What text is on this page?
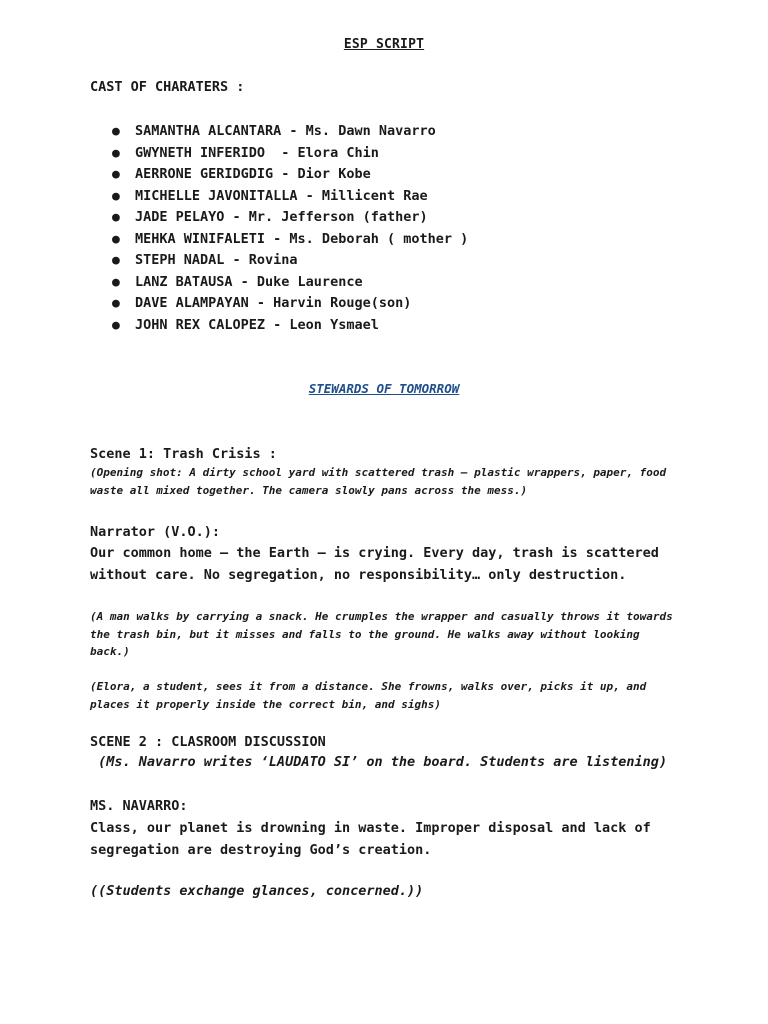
ESP SCRIPT
CAST OF CHARATERS :
● SAMANTHA ALCANTARA - Ms. Dawn Navarro
● GWYNETH INFERIDO  - Elora Chin
● AERRONE GERIDGDIG - Dior Kobe
● MICHELLE JAVONITALLA - Millicent Rae
● JADE PELAYO - Mr. Jefferson (father)
● MEHKA WINIFALETI - Ms. Deborah ( mother )
● STEPH NADAL - Rovina
● LANZ BATAUSA - Duke Laurence
● DAVE ALAMPAYAN - Harvin Rouge(son)
● JOHN REX CALOPEZ - Leon Ysmael
STEWARDS OF TOMORROW
Scene 1: Trash Crisis :
(Opening shot: A dirty school yard with scattered trash — plastic wrappers, paper, food waste all mixed together. The camera slowly pans across the mess.)
Narrator (V.O.):
Our common home — the Earth — is crying. Every day, trash is scattered without care. No segregation, no responsibility… only destruction.
(A man walks by carrying a snack. He crumples the wrapper and casually throws it towards the trash bin, but it misses and falls to the ground. He walks away without looking back.)
(Elora, a student, sees it from a distance. She frowns, walks over, picks it up, and places it properly inside the correct bin, and sighs)
SCENE 2 : CLASROOM DISCUSSION
(Ms. Navarro writes ‘LAUDATO SI’ on the board. Students are listening)
MS. NAVARRO:
Class, our planet is drowning in waste. Improper disposal and lack of segregation are destroying God’s creation.
((Students exchange glances, concerned.))
